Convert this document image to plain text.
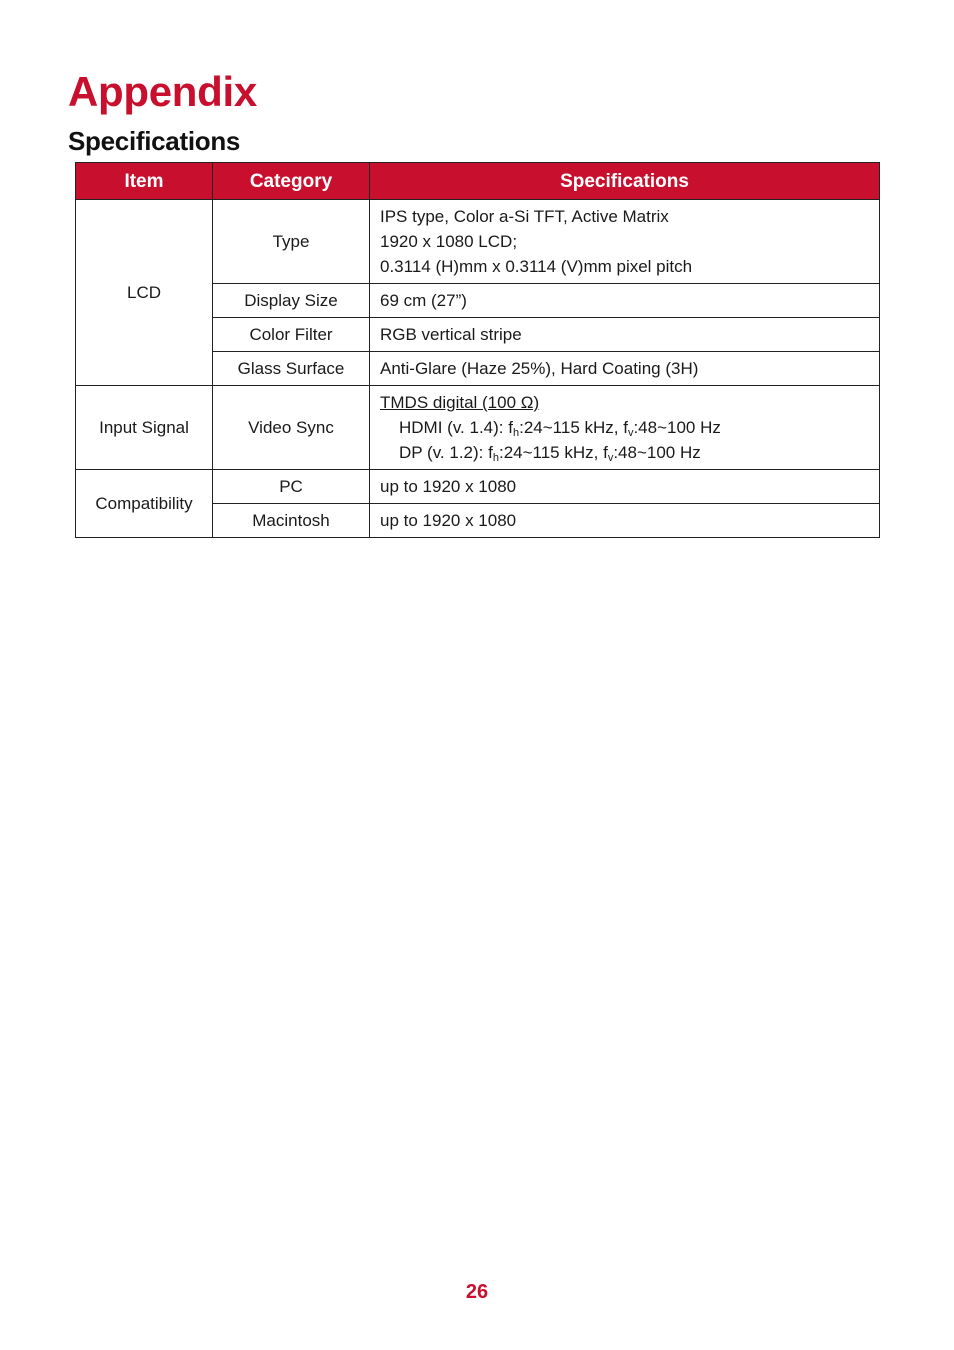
Appendix
Specifications
Item	Category	Specifications
LCD	Type	IPS type, Color a-Si TFT, Active Matrix
1920 x 1080 LCD;
0.3114 (H)mm x 0.3114 (V)mm pixel pitch

	Display Size	69 cm (27”)
	Color Filter	RGB vertical stripe
	Glass Surface	Anti-Glare (Haze 25%), Hard Coating (3H)
Input Signal	Video Sync	TMDS digital (100 Ω)
HDMI (v. 1.4): $f_h:24\sim 115$ kHz, $f_v:48\sim 100$ Hz
DP (v. 1.2): $f_h:24\sim 115$ kHz, $f_v:48\sim 100$ Hz

Compatibility	PC	up to 1920 x 1080
	Macintosh	up to 1920 x 1080
26
